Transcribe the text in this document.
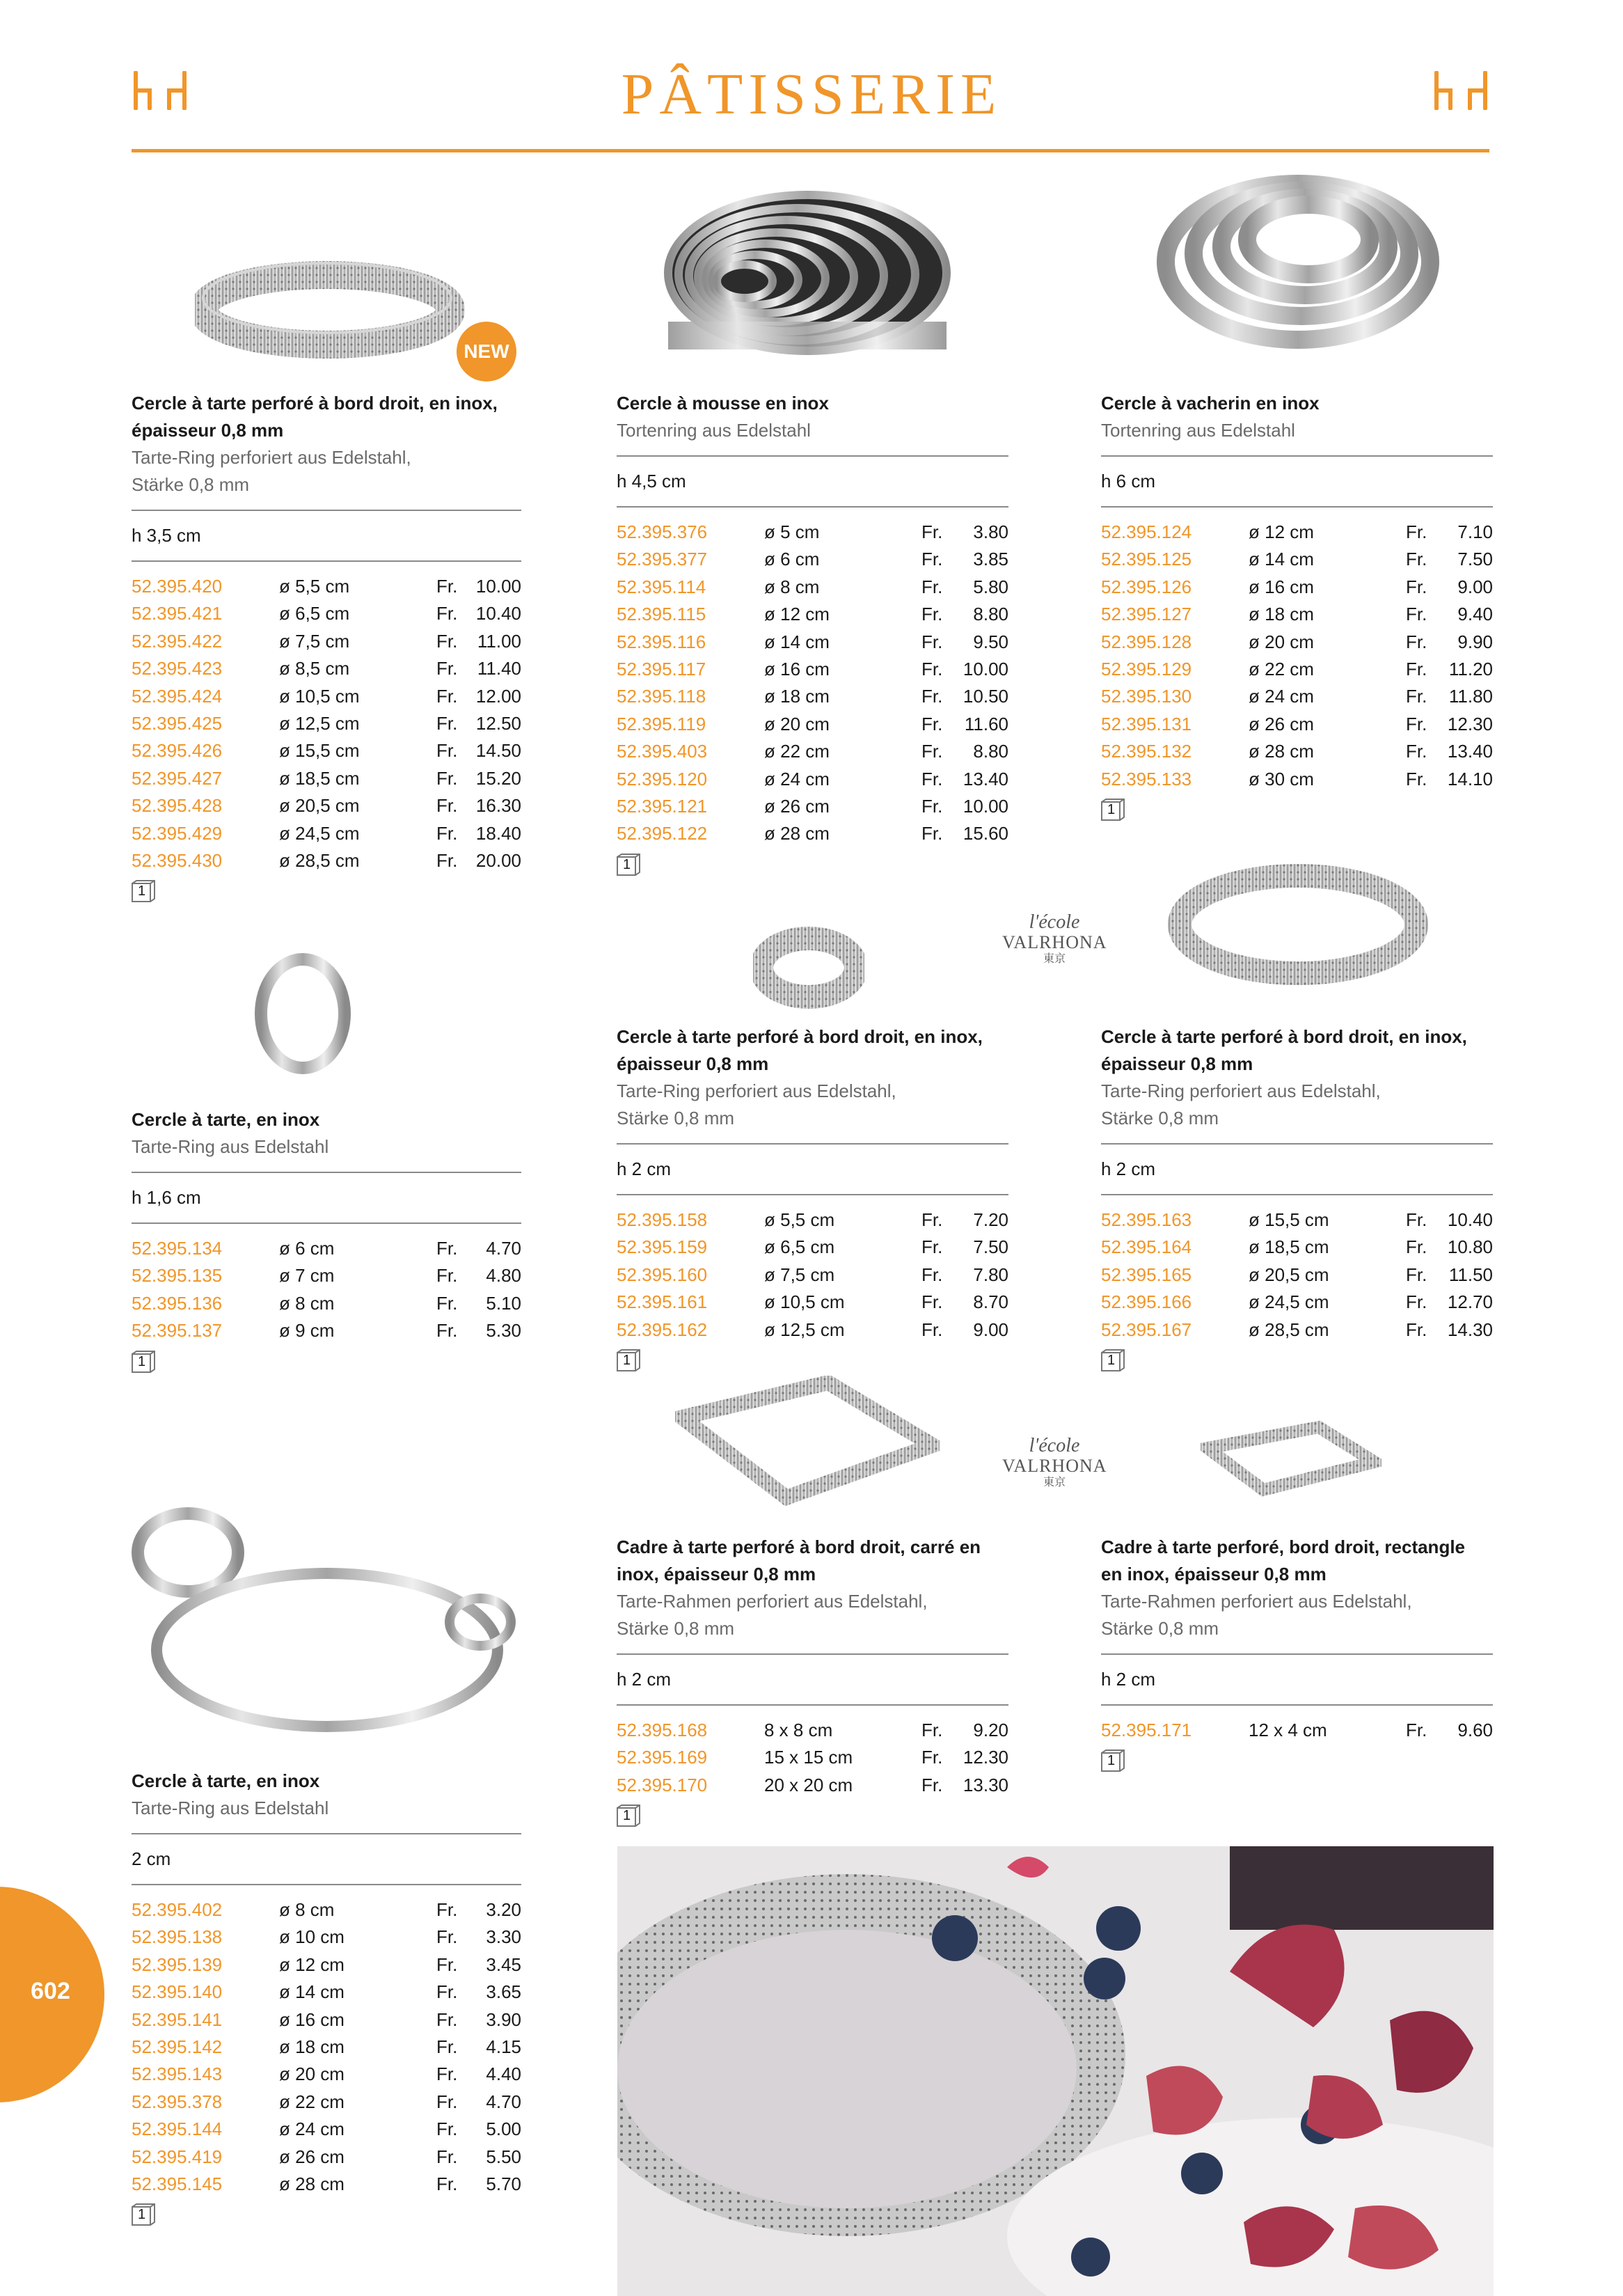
PÂTISSERIE
NEW
l'école
VALRHONA
東京
l'école
VALRHONA
東京
602
Cercle à tarte perforé à bord droit, en inox,
épaisseur 0,8 mm
Tarte-Ring perforiert aus Edelstahl,
Stärke 0,8 mm
h 3,5 cm
52.395.420	ø 5,5 cm	Fr. 10.00
52.395.421	ø 6,5 cm	Fr. 10.40
52.395.422	ø 7,5 cm	Fr. 11.00
52.395.423	ø 8,5 cm	Fr. 11.40
52.395.424	ø 10,5 cm	Fr. 12.00
52.395.425	ø 12,5 cm	Fr. 12.50
52.395.426	ø 15,5 cm	Fr. 14.50
52.395.427	ø 18,5 cm	Fr. 15.20
52.395.428	ø 20,5 cm	Fr. 16.30
52.395.429	ø 24,5 cm	Fr. 18.40
52.395.430	ø 28,5 cm	Fr. 20.00
1
Cercle à mousse en inox
Tortenring aus Edelstahl
h 4,5 cm
52.395.376	ø 5 cm	Fr. 3.80
52.395.377	ø 6 cm	Fr. 3.85
52.395.114	ø 8 cm	Fr. 5.80
52.395.115	ø 12 cm	Fr. 8.80
52.395.116	ø 14 cm	Fr. 9.50
52.395.117	ø 16 cm	Fr. 10.00
52.395.118	ø 18 cm	Fr. 10.50
52.395.119	ø 20 cm	Fr. 11.60
52.395.403	ø 22 cm	Fr. 8.80
52.395.120	ø 24 cm	Fr. 13.40
52.395.121	ø 26 cm	Fr. 10.00
52.395.122	ø 28 cm	Fr. 15.60
1
Cercle à vacherin en inox
Tortenring aus Edelstahl
h 6 cm
52.395.124	ø 12 cm	Fr. 7.10
52.395.125	ø 14 cm	Fr. 7.50
52.395.126	ø 16 cm	Fr. 9.00
52.395.127	ø 18 cm	Fr. 9.40
52.395.128	ø 20 cm	Fr. 9.90
52.395.129	ø 22 cm	Fr. 11.20
52.395.130	ø 24 cm	Fr. 11.80
52.395.131	ø 26 cm	Fr. 12.30
52.395.132	ø 28 cm	Fr. 13.40
52.395.133	ø 30 cm	Fr. 14.10
1
Cercle à tarte, en inox
Tarte-Ring aus Edelstahl
h 1,6 cm
52.395.134	ø 6 cm	Fr. 4.70
52.395.135	ø 7 cm	Fr. 4.80
52.395.136	ø 8 cm	Fr. 5.10
52.395.137	ø 9 cm	Fr. 5.30
1
Cercle à tarte perforé à bord droit, en inox,
épaisseur 0,8 mm
Tarte-Ring perforiert aus Edelstahl,
Stärke 0,8 mm
h 2 cm
52.395.158	ø 5,5 cm	Fr. 7.20
52.395.159	ø 6,5 cm	Fr. 7.50
52.395.160	ø 7,5 cm	Fr. 7.80
52.395.161	ø 10,5 cm	Fr. 8.70
52.395.162	ø 12,5 cm	Fr. 9.00
1
Cercle à tarte perforé à bord droit, en inox,
épaisseur 0,8 mm
Tarte-Ring perforiert aus Edelstahl,
Stärke 0,8 mm
h 2 cm
52.395.163	ø 15,5 cm	Fr. 10.40
52.395.164	ø 18,5 cm	Fr. 10.80
52.395.165	ø 20,5 cm	Fr. 11.50
52.395.166	ø 24,5 cm	Fr. 12.70
52.395.167	ø 28,5 cm	Fr. 14.30
1
Cercle à tarte, en inox
Tarte-Ring aus Edelstahl
2 cm
52.395.402	ø 8 cm	Fr. 3.20
52.395.138	ø 10 cm	Fr. 3.30
52.395.139	ø 12 cm	Fr. 3.45
52.395.140	ø 14 cm	Fr. 3.65
52.395.141	ø 16 cm	Fr. 3.90
52.395.142	ø 18 cm	Fr. 4.15
52.395.143	ø 20 cm	Fr. 4.40
52.395.378	ø 22 cm	Fr. 4.70
52.395.144	ø 24 cm	Fr. 5.00
52.395.419	ø 26 cm	Fr. 5.50
52.395.145	ø 28 cm	Fr. 5.70
1
Cadre à tarte perforé à bord droit, carré en
inox, épaisseur 0,8 mm
Tarte-Rahmen perforiert aus Edelstahl,
Stärke 0,8 mm
h 2 cm
52.395.168	8 x 8 cm	Fr. 9.20
52.395.169	15 x 15 cm	Fr. 12.30
52.395.170	20 x 20 cm	Fr. 13.30
1
Cadre à tarte perforé, bord droit, rectangle
en inox, épaisseur 0,8 mm
Tarte-Rahmen perforiert aus Edelstahl,
Stärke 0,8 mm
h 2 cm
52.395.171	12 x 4 cm	Fr. 9.60
1
